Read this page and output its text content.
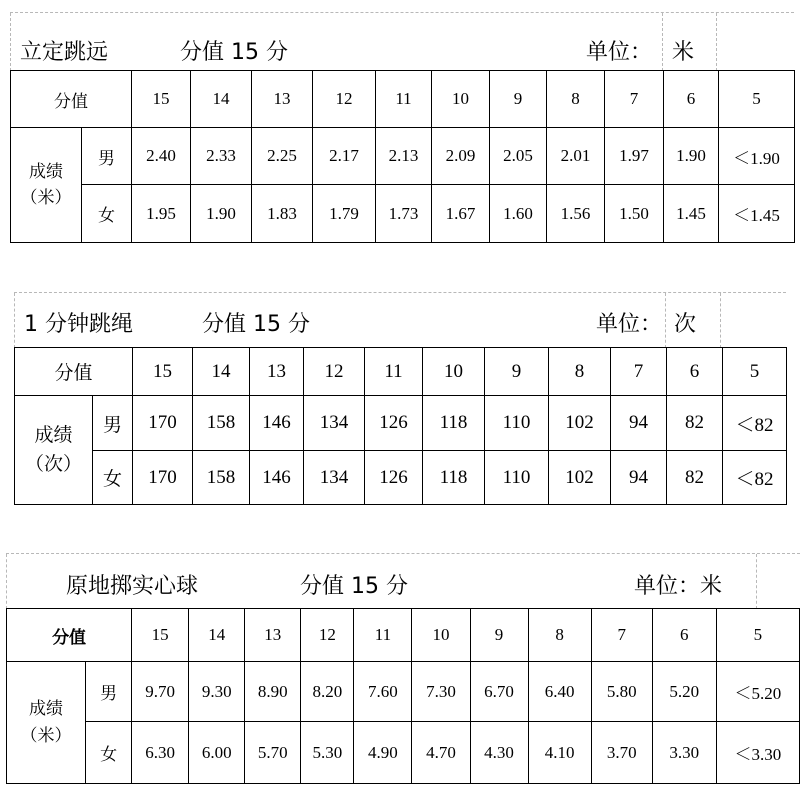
立定跳远	分值 15 分	单位： 米
分值		15	14	13	12	11	10	9	8	7	6	5

成绩
（米）	男	2.40	2.33	2.25	2.17	2.13	2.09	2.05	2.01	1.97	1.90	＜1.90
	女	1.95	1.90	1.83	1.79	1.73	1.67	1.60	1.56	1.50	1.45	＜1.45
1 分钟跳绳	分值 15 分	单位： 次
分值		15	14	13	12	11	10	9	8	7	6	5

成绩
（次）	男	170	158	146	134	126	118	110	102	94	82	＜82
	女	170	158	146	134	126	118	110	102	94	82	＜82
原地掷实心球	分值 15 分	单位：米
分值		15	14	13	12	11	10	9	8	7	6	5

成绩
（米）	男	9.70	9.30	8.90	8.20	7.60	7.30	6.70	6.40	5.80	5.20	＜5.20
	女	6.30	6.00	5.70	5.30	4.90	4.70	4.30	4.10	3.70	3.30	＜3.30
